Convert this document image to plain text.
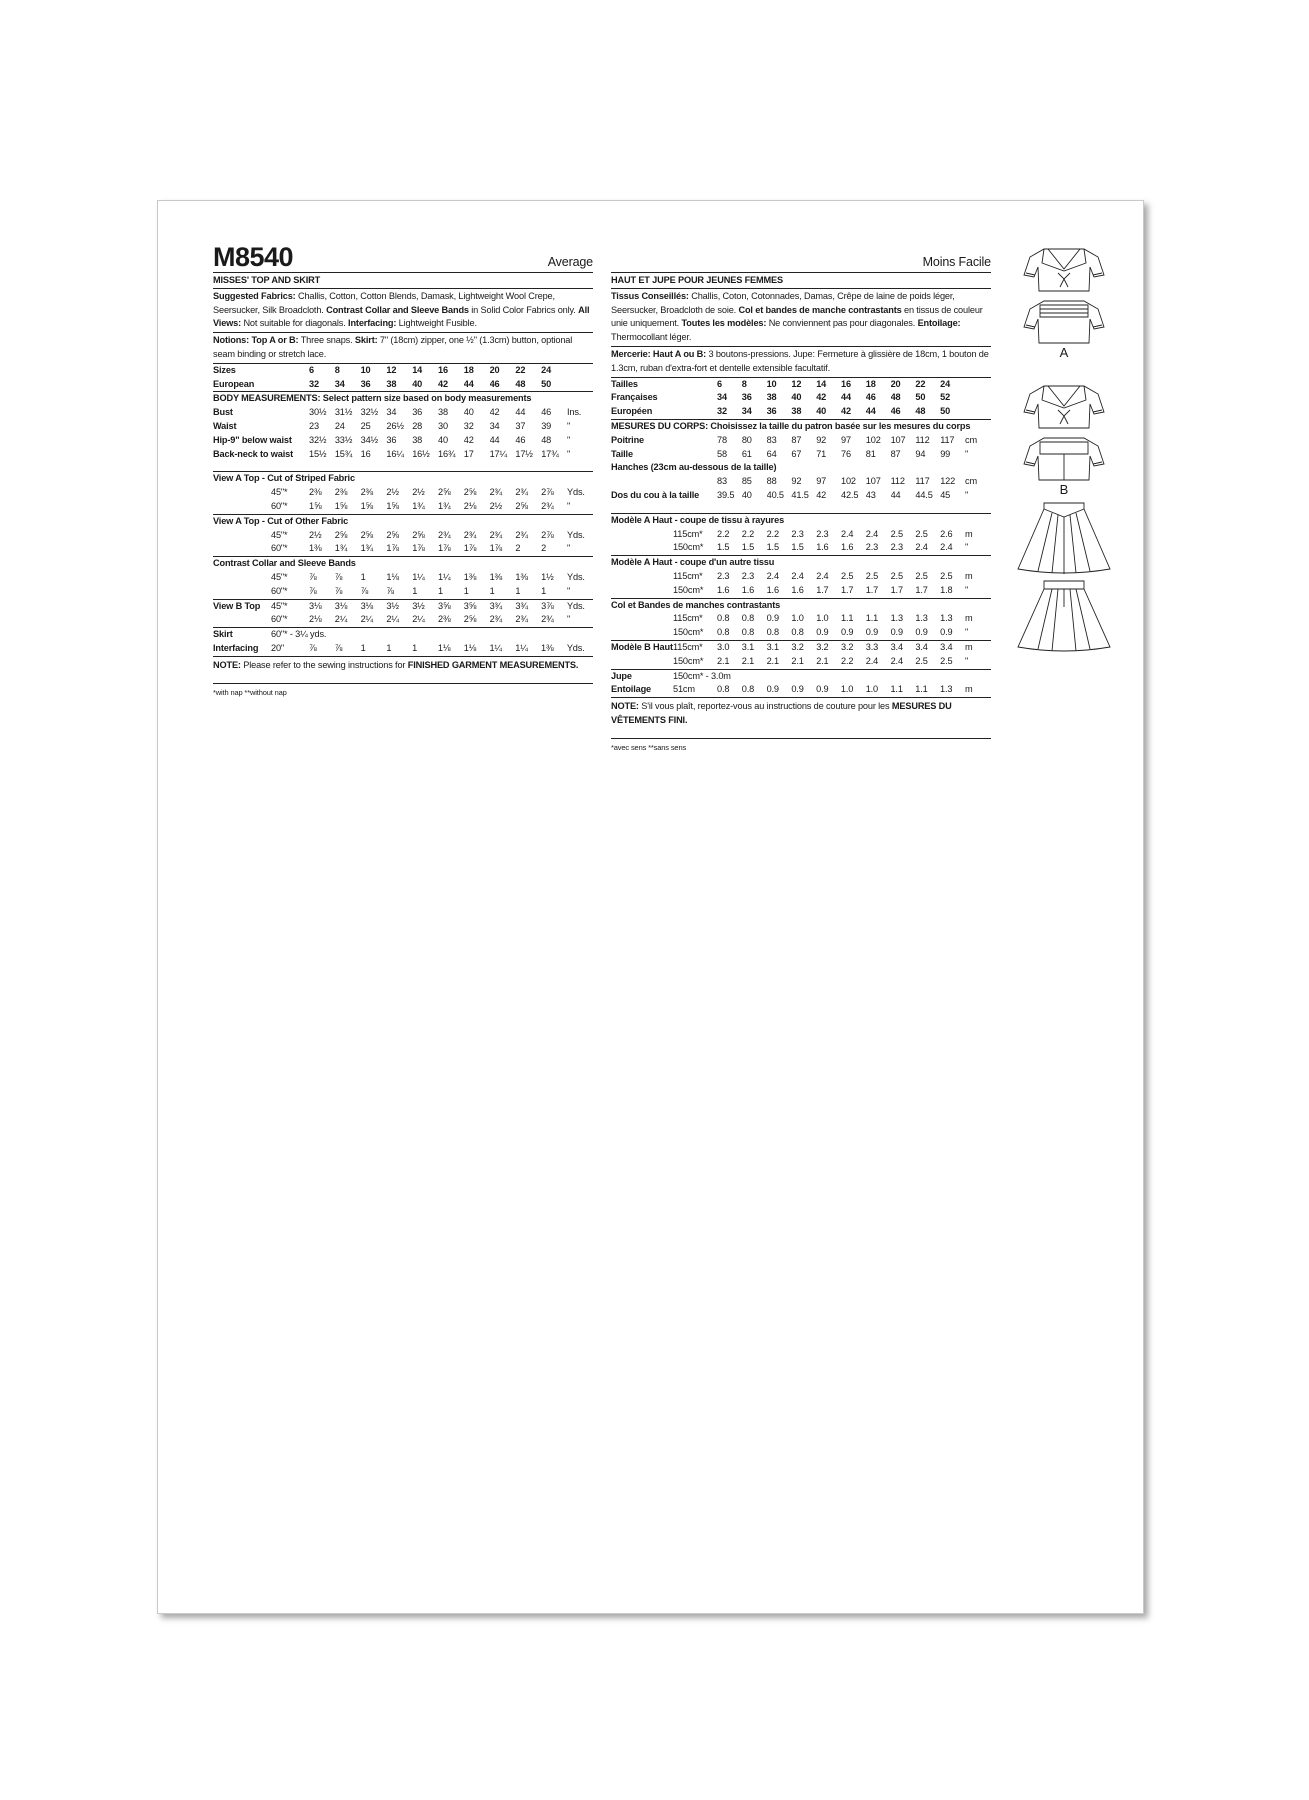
M8540	Average
MISSES' TOP AND SKIRT
Suggested Fabrics: Challis, Cotton, Cotton Blends, Damask, Lightweight Wool Crepe, Seersucker, Silk Broadcloth. Contrast Collar and Sleeve Bands in Solid Color Fabrics only. All Views: Not suitable for diagonals. Interfacing: Lightweight Fusible.
Notions: Top A or B: Three snaps. Skirt: 7" (18cm) zipper, one ½" (1.3cm) button, optional seam binding or stretch lace.
Sizes		6	8	10	12	14	16	18	20	22	24	
European		32	34	36	38	40	42	44	46	48	50	
BODY MEASUREMENTS: Select pattern size based on body measurements
Bust	30½	31½	32½	34	36	38	40	42	44	46	Ins.
Waist	23	24	25	26½	28	30	32	34	37	39	"
Hip-9" below waist	32½	33½	34½	36	38	40	42	44	46	48	"
Back-neck to waist	15½	15¾	16	16¼	16½	16¾	17	17¼	17½	17¾	"
View A Top - Cut of Striped Fabric
	45"*	2⅜	2⅜	2⅜	2½	2½	2⅝	2⅝	2¾	2¾	2⅞	Yds.
	60"*	1⅝	1⅝	1⅝	1⅝	1¾	1¾	2⅛	2½	2⅝	2¾	"
View A Top - Cut of Other Fabric
	45"*	2½	2⅝	2⅝	2⅝	2⅝	2¾	2¾	2¾	2¾	2⅞	Yds.
	60"*	1⅜	1¾	1¾	1⅞	1⅞	1⅞	1⅞	1⅞	2	2	"
Contrast Collar and Sleeve Bands
	45"*	⅞	⅞	1	1⅛	1¼	1¼	1⅜	1⅜	1⅜	1½	Yds.
	60"*	⅞	⅞	⅞	⅞	1	1	1	1	1	1	"
View B Top	45"*	3⅛	3⅛	3⅛	3½	3½	3⅝	3⅝	3¾	3¾	3⅞	Yds.
	60"*	2⅛	2¼	2¼	2¼	2¼	2⅜	2⅝	2¾	2¾	2¾	"
Skirt	60"* - 3¼ yds.											
Interfacing	20"	⅞	⅞	1	1	1	1⅛	1⅛	1¼	1¼	1⅜	Yds.
NOTE: Please refer to the sewing instructions for FINISHED GARMENT MEASUREMENTS.
*with nap **without nap
Moins Facile
HAUT ET JUPE POUR JEUNES FEMMES
Tissus Conseillés: Challis, Coton, Cotonnades, Damas, Crêpe de laine de poids léger, Seersucker, Broadcloth de soie. Col et bandes de manche contrastants en tissus de couleur unie uniquement. Toutes les modèles: Ne conviennent pas pour diagonales. Entoilage: Thermocollant léger.
Mercerie: Haut A ou B: 3 boutons-pressions. Jupe: Fermeture à glissière de 18cm, 1 bouton de 1.3cm, ruban d'extra-fort et dentelle extensible facultatif.
Tailles		6	8	10	12	14	16	18	20	22	24	
Françaises		34	36	38	40	42	44	46	48	50	52	
Européen		32	34	36	38	40	42	44	46	48	50	
MESURES DU CORPS: Choisissez la taille du patron basée sur les mesures du corps
Poitrine	78	80	83	87	92	97	102	107	112	117	cm
Taille	58	61	64	67	71	76	81	87	94	99	"
Hanches (23cm au-dessous de la taille)											
	83	85	88	92	97	102	107	112	117	122	cm
Dos du cou à la taille	39.5	40	40.5	41.5	42	42.5	43	44	44.5	45	"
Modèle A Haut - coupe de tissu à rayures
	115cm*	2.2	2.2	2.2	2.3	2.3	2.4	2.4	2.5	2.5	2.6	m
	150cm*	1.5	1.5	1.5	1.5	1.6	1.6	2.3	2.3	2.4	2.4	"
Modèle A Haut - coupe d'un autre tissu
	115cm*	2.3	2.3	2.4	2.4	2.4	2.5	2.5	2.5	2.5	2.5	m
	150cm*	1.6	1.6	1.6	1.6	1.7	1.7	1.7	1.7	1.7	1.8	"
Col et Bandes de manches contrastants
	115cm*	0.8	0.8	0.9	1.0	1.0	1.1	1.1	1.3	1.3	1.3	m
	150cm*	0.8	0.8	0.8	0.8	0.9	0.9	0.9	0.9	0.9	0.9	"
Modèle B Haut	115cm*	3.0	3.1	3.1	3.2	3.2	3.2	3.3	3.4	3.4	3.4	m
	150cm*	2.1	2.1	2.1	2.1	2.1	2.2	2.4	2.4	2.5	2.5	"
Jupe	150cm* - 3.0m											
Entoilage	51cm	0.8	0.8	0.9	0.9	0.9	1.0	1.0	1.1	1.1	1.3	m
NOTE: S'il vous plaît, reportez-vous au instructions de couture pour les MESURES DU VÊTEMENTS FINI.
*avec sens **sans sens
A
B
